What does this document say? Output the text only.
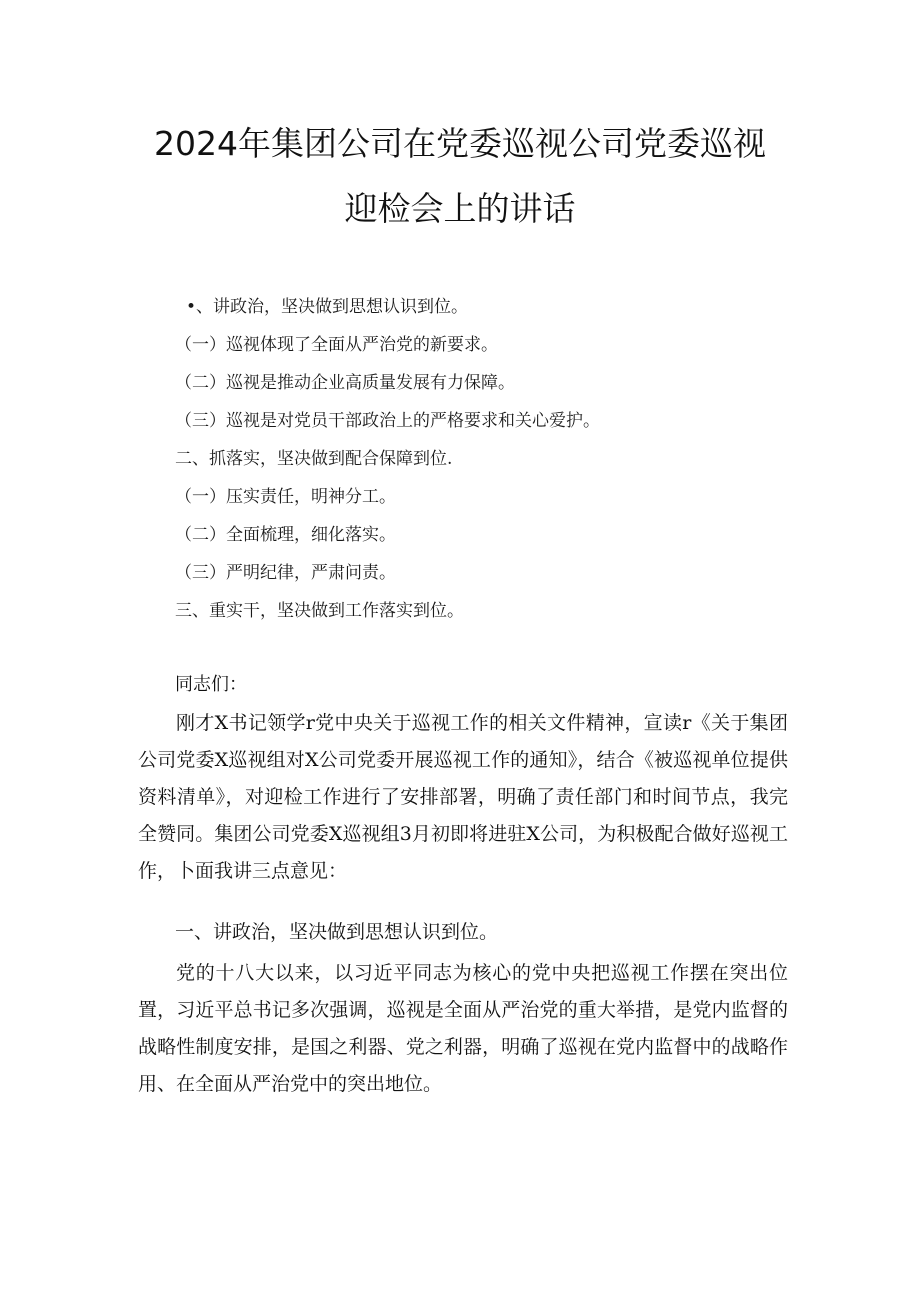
2024年集团公司在党委巡视公司党委巡视
迎检会上的讲话
•、讲政治，坚决做到思想认识到位。
（一）巡视体现了全面从严治党的新要求。
（二）巡视是推动企业高质量发展有力保障。
（三）巡视是对党员干部政治上的严格要求和关心爱护。
二、抓落实，坚决做到配合保障到位.
（一）压实责任，明神分工。
（二）全面梳理，细化落实。
（三）严明纪律，严肃问责。
三、重实干，坚决做到工作落实到位。
同志们：

刚才X书记领学r党中央关于巡视工作的相关文件精神，宣读r《关于集团公司党委X巡视组对X公司党委开展巡视工作的通知》，结合《被巡视单位提供资料清单》，对迎检工作进行了安排部署，明确了责任部门和时间节点，我完全赞同。集团公司党委X巡视组3月初即将进驻X公司，为积极配合做好巡视工作，卜面我讲三点意见：

一、讲政治，坚决做到思想认识到位。

党的十八大以来，以习近平同志为核心的党中央把巡视工作摆在突出位置，习近平总书记多次强调，巡视是全面从严治党的重大举措，是党内监督的战略性制度安排，是国之利器、党之利器，明确了巡视在党内监督中的战略作用、在全面从严治党中的突出地位。
